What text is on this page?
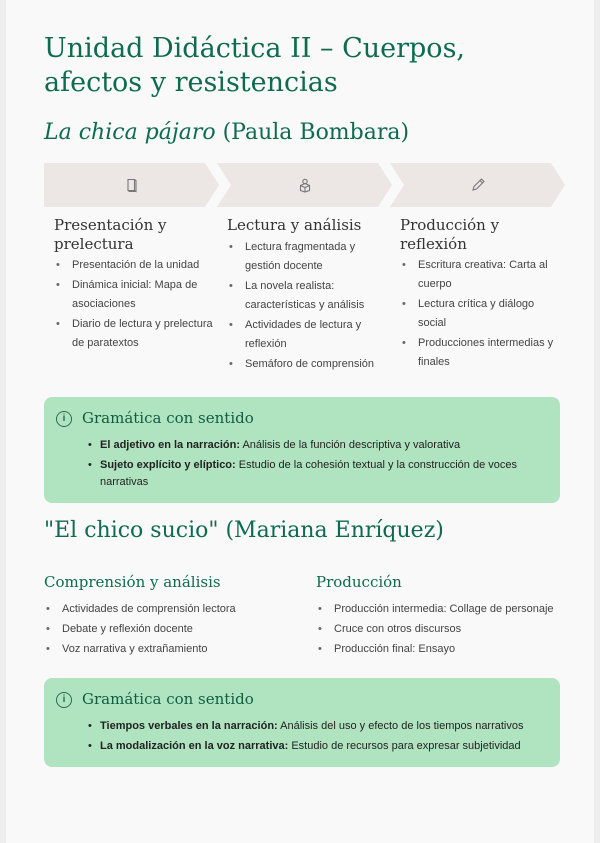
Unidad Didáctica II – Cuerpos, afectos y resistencias
La chica pájaro (Paula Bombara)
Presentación y prelectura
• Presentación de la unidad
• Dinámica inicial: Mapa de asociaciones
• Diario de lectura y prelectura de paratextos
Lectura y análisis
• Lectura fragmentada y gestión docente
• La novela realista: características y análisis
• Actividades de lectura y reflexión
• Semáforo de comprensión
Producción y reflexión
• Escritura creativa: Carta al cuerpo
• Lectura crítica y diálogo social
• Producciones intermedias y finales
i	Gramática con sentido
• El adjetivo en la narración: Análisis de la función descriptiva y valorativa
• Sujeto explícito y elíptico: Estudio de la cohesión textual y la construcción de voces narrativas
"El chico sucio" (Mariana Enríquez)
Comprensión y análisis
• Actividades de comprensión lectora
• Debate y reflexión docente
• Voz narrativa y extrañamiento
Producción
• Producción intermedia: Collage de personaje
• Cruce con otros discursos
• Producción final: Ensayo
i	Gramática con sentido
• Tiempos verbales en la narración: Análisis del uso y efecto de los tiempos narrativos
• La modalización en la voz narrativa: Estudio de recursos para expresar subjetividad
